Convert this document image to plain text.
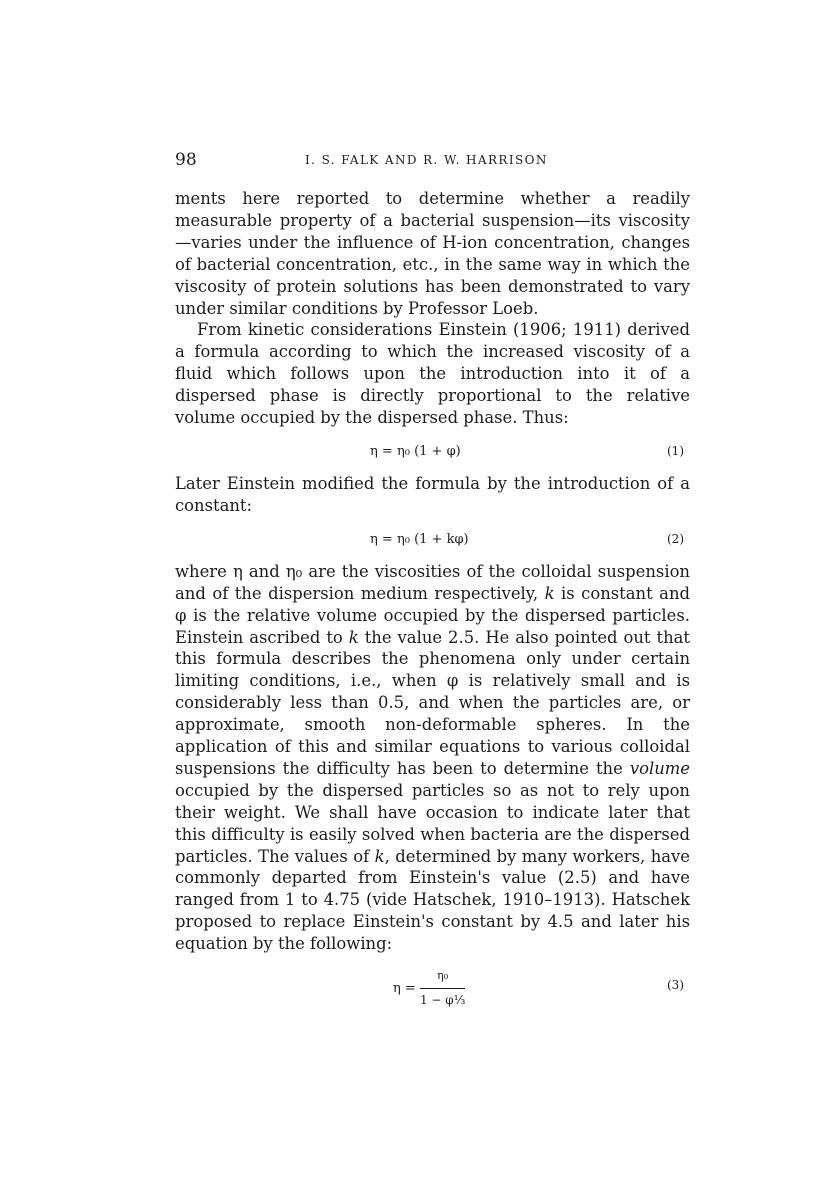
98	I. S. FALK AND R. W. HARRISON

ments here reported to determine whether a readily measurable property of a bacterial suspension—its viscosity—varies under the influence of H-ion concentration, changes of bacterial concentration, etc., in the same way in which the viscosity of protein solutions has been demonstrated to vary under similar conditions by Professor Loeb.

From kinetic considerations Einstein (1906; 1911) derived a formula according to which the increased viscosity of a fluid which follows upon the introduction into it of a dispersed phase is directly proportional to the relative volume occupied by the dispersed phase. Thus:

η = η₀ (1 + φ)	(1)

Later Einstein modified the formula by the introduction of a constant:

η = η₀ (1 + kφ)	(2)

where η and η₀ are the viscosities of the colloidal suspension and of the dispersion medium respectively, k is constant and φ is the relative volume occupied by the dispersed particles. Einstein ascribed to k the value 2.5. He also pointed out that this formula describes the phenomena only under certain limiting conditions, i.e., when φ is relatively small and is considerably less than 0.5, and when the particles are, or approximate, smooth non-deformable spheres. In the application of this and similar equations to various colloidal suspensions the difficulty has been to determine the volume occupied by the dispersed particles so as not to rely upon their weight. We shall have occasion to indicate later that this difficulty is easily solved when bacteria are the dispersed particles. The values of k, determined by many workers, have commonly departed from Einstein's value (2.5) and have ranged from 1 to 4.75 (vide Hatschek, 1910–1913). Hatschek proposed to replace Einstein's constant by 4.5 and later his equation by the following:

$\eta = \frac{\text{η₀}}{\text{1 − φ⅓}}$	(3)
